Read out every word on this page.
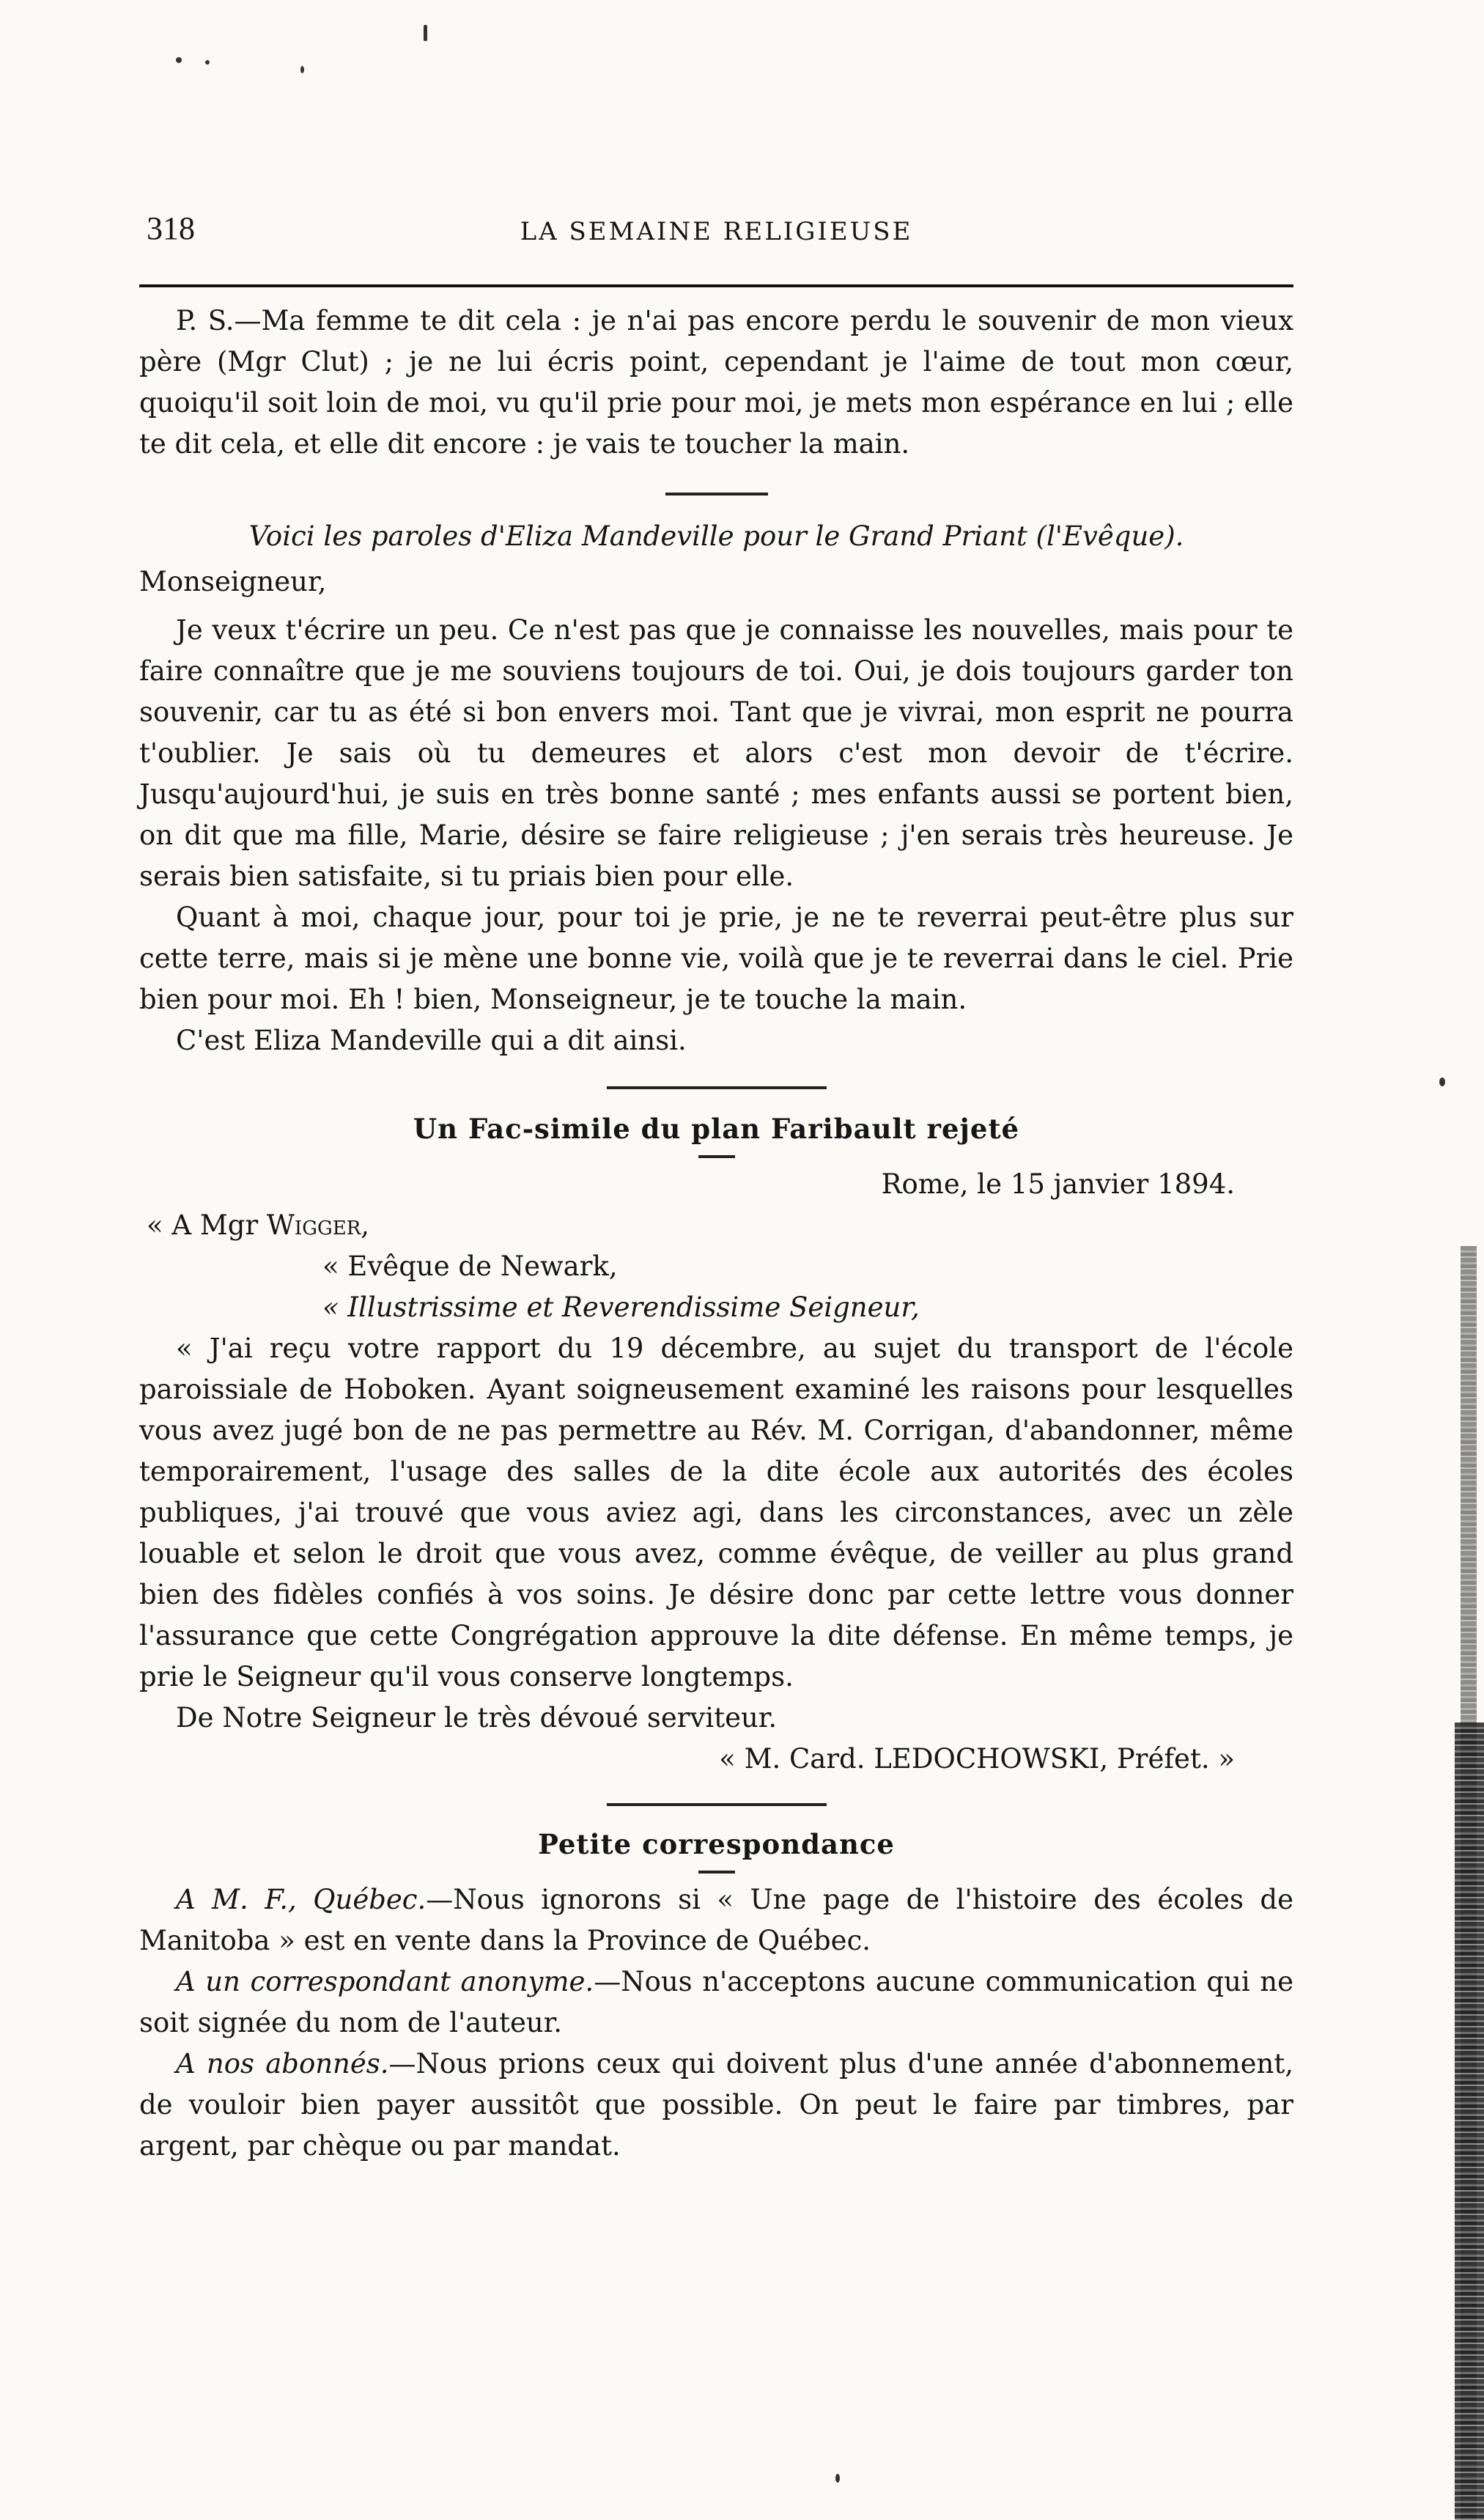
318	LA SEMAINE RELIGIEUSE

P. S.—Ma femme te dit cela : je n'ai pas encore perdu le souvenir de mon vieux père (Mgr Clut) ; je ne lui écris point, cependant je l'aime de tout mon cœur, quoiqu'il soit loin de moi, vu qu'il prie pour moi, je mets mon espérance en lui ; elle te dit cela, et elle dit encore : je vais te toucher la main.

Voici les paroles d'Eliza Mandeville pour le Grand Priant (l'Evêque).

Monseigneur,

Je veux t'écrire un peu. Ce n'est pas que je connaisse les nouvelles, mais pour te faire connaître que je me souviens toujours de toi. Oui, je dois toujours garder ton souvenir, car tu as été si bon envers moi. Tant que je vivrai, mon esprit ne pourra t'oublier. Je sais où tu demeures et alors c'est mon devoir de t'écrire. Jusqu'aujourd'hui, je suis en très bonne santé ; mes enfants aussi se portent bien, on dit que ma fille, Marie, désire se faire religieuse ; j'en serais très heureuse. Je serais bien satisfaite, si tu priais bien pour elle.

Quant à moi, chaque jour, pour toi je prie, je ne te reverrai peut-être plus sur cette terre, mais si je mène une bonne vie, voilà que je te reverrai dans le ciel. Prie bien pour moi. Eh ! bien, Monseigneur, je te touche la main.

C'est Eliza Mandeville qui a dit ainsi.

Un Fac-simile du plan Faribault rejeté

Rome, le 15 janvier 1894.

« A Mgr Wigger,

« Evêque de Newark,

« Illustrissime et Reverendissime Seigneur,

« J'ai reçu votre rapport du 19 décembre, au sujet du transport de l'école paroissiale de Hoboken. Ayant soigneusement examiné les raisons pour lesquelles vous avez jugé bon de ne pas permettre au Rév. M. Corrigan, d'abandonner, même temporairement, l'usage des salles de la dite école aux autorités des écoles publiques, j'ai trouvé que vous aviez agi, dans les circonstances, avec un zèle louable et selon le droit que vous avez, comme évêque, de veiller au plus grand bien des fidèles confiés à vos soins. Je désire donc par cette lettre vous donner l'assurance que cette Congrégation approuve la dite défense. En même temps, je prie le Seigneur qu'il vous conserve longtemps.

De Notre Seigneur le très dévoué serviteur.

« M. Card. LEDOCHOWSKI, Préfet. »

Petite correspondance

A M. F., Québec.—Nous ignorons si « Une page de l'histoire des écoles de Manitoba » est en vente dans la Province de Québec.

A un correspondant anonyme.—Nous n'acceptons aucune communication qui ne soit signée du nom de l'auteur.

A nos abonnés.—Nous prions ceux qui doivent plus d'une année d'abonnement, de vouloir bien payer aussitôt que possible. On peut le faire par timbres, par argent, par chèque ou par mandat.
